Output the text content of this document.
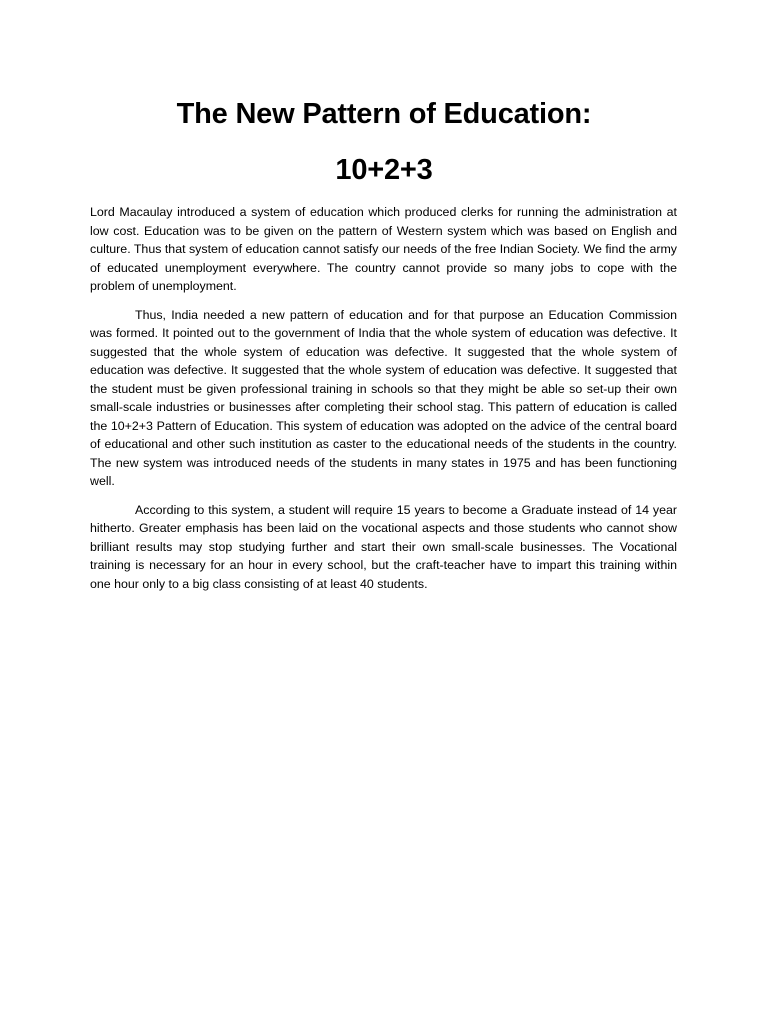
The New Pattern of Education:
10+2+3

Lord Macaulay introduced a system of education which produced clerks for running the administration at low cost. Education was to be given on the pattern of Western system which was based on English and culture. Thus that system of education cannot satisfy our needs of the free Indian Society. We find the army of educated unemployment everywhere. The country cannot provide so many jobs to cope with the problem of unemployment.

Thus, India needed a new pattern of education and for that purpose an Education Commission was formed. It pointed out to the government of India that the whole system of education was defective. It suggested that the whole system of education was defective. It suggested that the whole system of education was defective. It suggested that the whole system of education was defective. It suggested that the student must be given professional training in schools so that they might be able so set-up their own small-scale industries or businesses after completing their school stag. This pattern of education is called the 10+2+3 Pattern of Education. This system of education was adopted on the advice of the central board of educational and other such institution as caster to the educational needs of the students in the country. The new system was introduced needs of the students in many states in 1975 and has been functioning well.

According to this system, a student will require 15 years to become a Graduate instead of 14 year hitherto. Greater emphasis has been laid on the vocational aspects and those students who cannot show brilliant results may stop studying further and start their own small-scale businesses. The Vocational training is necessary for an hour in every school, but the craft-teacher have to impart this training within one hour only to a big class consisting of at least 40 students.
